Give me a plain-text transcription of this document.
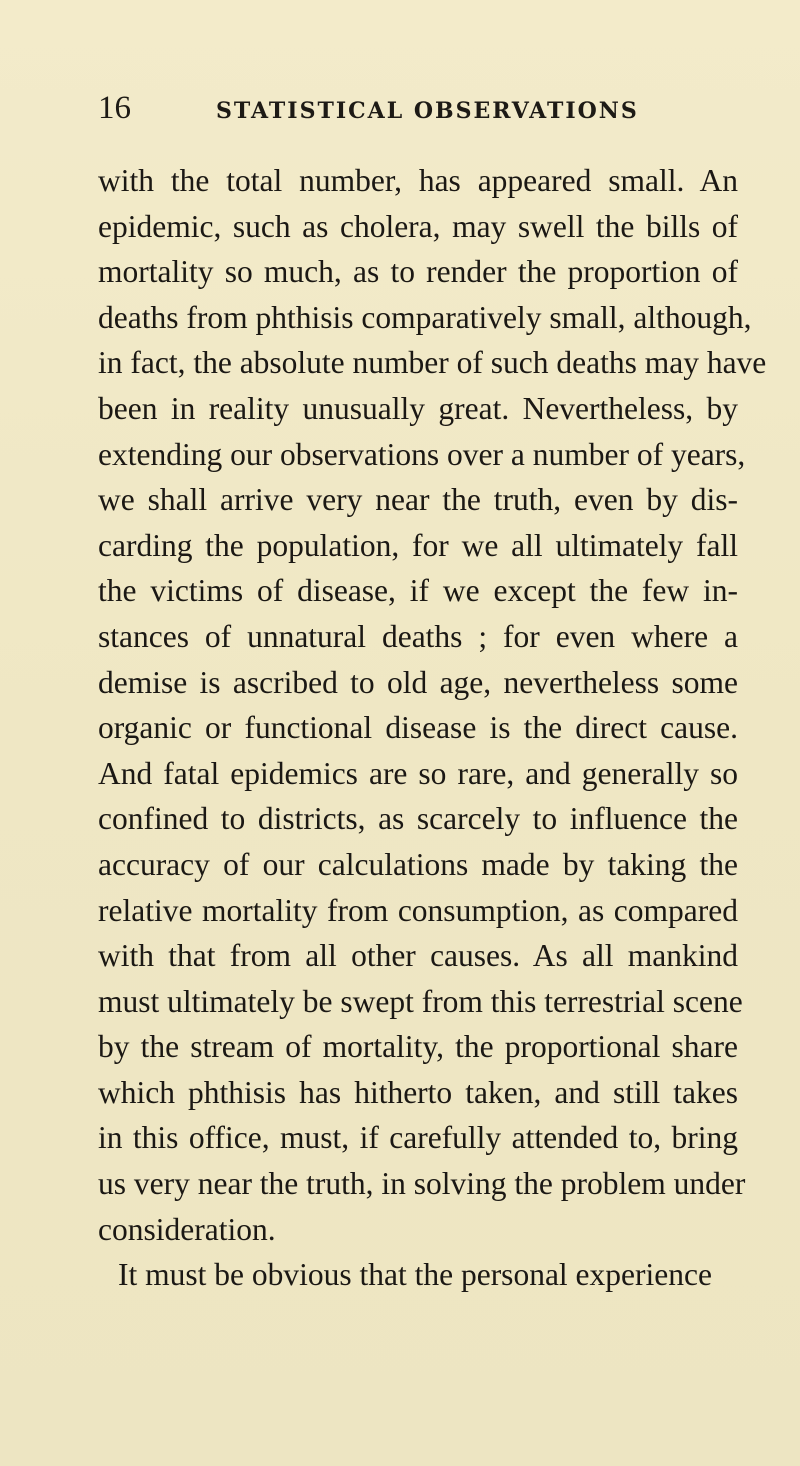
16	STATISTICAL OBSERVATIONS
with the total number, has appeared small. An
epidemic, such as cholera, may swell the bills of
mortality so much, as to render the proportion of
deaths from phthisis comparatively small, although,
in fact, the absolute number of such deaths may have
been in reality unusually great. Nevertheless, by
extending our observations over a number of years,
we shall arrive very near the truth, even by dis-
carding the population, for we all ultimately fall
the victims of disease, if we except the few in-
stances of unnatural deaths ; for even where a
demise is ascribed to old age, nevertheless some
organic or functional disease is the direct cause.
And fatal epidemics are so rare, and generally so
confined to districts, as scarcely to influence the
accuracy of our calculations made by taking the
relative mortality from consumption, as compared
with that from all other causes. As all mankind
must ultimately be swept from this terrestrial scene
by the stream of mortality, the proportional share
which phthisis has hitherto taken, and still takes
in this office, must, if carefully attended to, bring
us very near the truth, in solving the problem under
consideration.
It must be obvious that the personal experience
